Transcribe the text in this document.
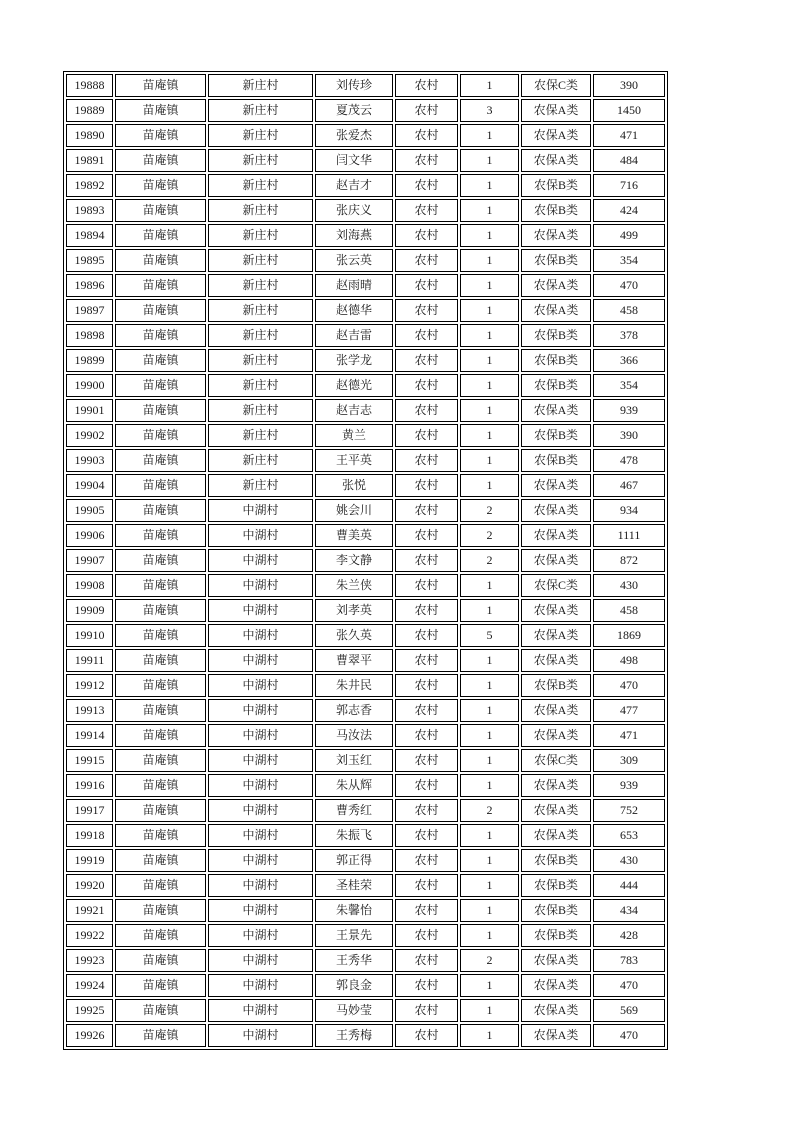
19888	苗庵镇	新庄村	刘传珍	农村	1	农保C类	390
19889	苗庵镇	新庄村	夏茂云	农村	3	农保A类	1450
19890	苗庵镇	新庄村	张爱杰	农村	1	农保A类	471
19891	苗庵镇	新庄村	闫文华	农村	1	农保A类	484
19892	苗庵镇	新庄村	赵吉才	农村	1	农保B类	716
19893	苗庵镇	新庄村	张庆义	农村	1	农保B类	424
19894	苗庵镇	新庄村	刘海燕	农村	1	农保A类	499
19895	苗庵镇	新庄村	张云英	农村	1	农保B类	354
19896	苗庵镇	新庄村	赵雨晴	农村	1	农保A类	470
19897	苗庵镇	新庄村	赵德华	农村	1	农保A类	458
19898	苗庵镇	新庄村	赵吉雷	农村	1	农保B类	378
19899	苗庵镇	新庄村	张学龙	农村	1	农保B类	366
19900	苗庵镇	新庄村	赵德光	农村	1	农保B类	354
19901	苗庵镇	新庄村	赵吉志	农村	1	农保A类	939
19902	苗庵镇	新庄村	黄兰	农村	1	农保B类	390
19903	苗庵镇	新庄村	王平英	农村	1	农保B类	478
19904	苗庵镇	新庄村	张悦	农村	1	农保A类	467
19905	苗庵镇	中湖村	姚会川	农村	2	农保A类	934
19906	苗庵镇	中湖村	曹美英	农村	2	农保A类	1111
19907	苗庵镇	中湖村	李文静	农村	2	农保A类	872
19908	苗庵镇	中湖村	朱兰侠	农村	1	农保C类	430
19909	苗庵镇	中湖村	刘孝英	农村	1	农保A类	458
19910	苗庵镇	中湖村	张久英	农村	5	农保A类	1869
19911	苗庵镇	中湖村	曹翠平	农村	1	农保A类	498
19912	苗庵镇	中湖村	朱井民	农村	1	农保B类	470
19913	苗庵镇	中湖村	郭志香	农村	1	农保A类	477
19914	苗庵镇	中湖村	马汝法	农村	1	农保A类	471
19915	苗庵镇	中湖村	刘玉红	农村	1	农保C类	309
19916	苗庵镇	中湖村	朱从辉	农村	1	农保A类	939
19917	苗庵镇	中湖村	曹秀红	农村	2	农保A类	752
19918	苗庵镇	中湖村	朱振飞	农村	1	农保A类	653
19919	苗庵镇	中湖村	郭正得	农村	1	农保B类	430
19920	苗庵镇	中湖村	圣桂荣	农村	1	农保B类	444
19921	苗庵镇	中湖村	朱馨怡	农村	1	农保B类	434
19922	苗庵镇	中湖村	王景先	农村	1	农保B类	428
19923	苗庵镇	中湖村	王秀华	农村	2	农保A类	783
19924	苗庵镇	中湖村	郭良金	农村	1	农保A类	470
19925	苗庵镇	中湖村	马妙莹	农村	1	农保A类	569
19926	苗庵镇	中湖村	王秀梅	农村	1	农保A类	470
